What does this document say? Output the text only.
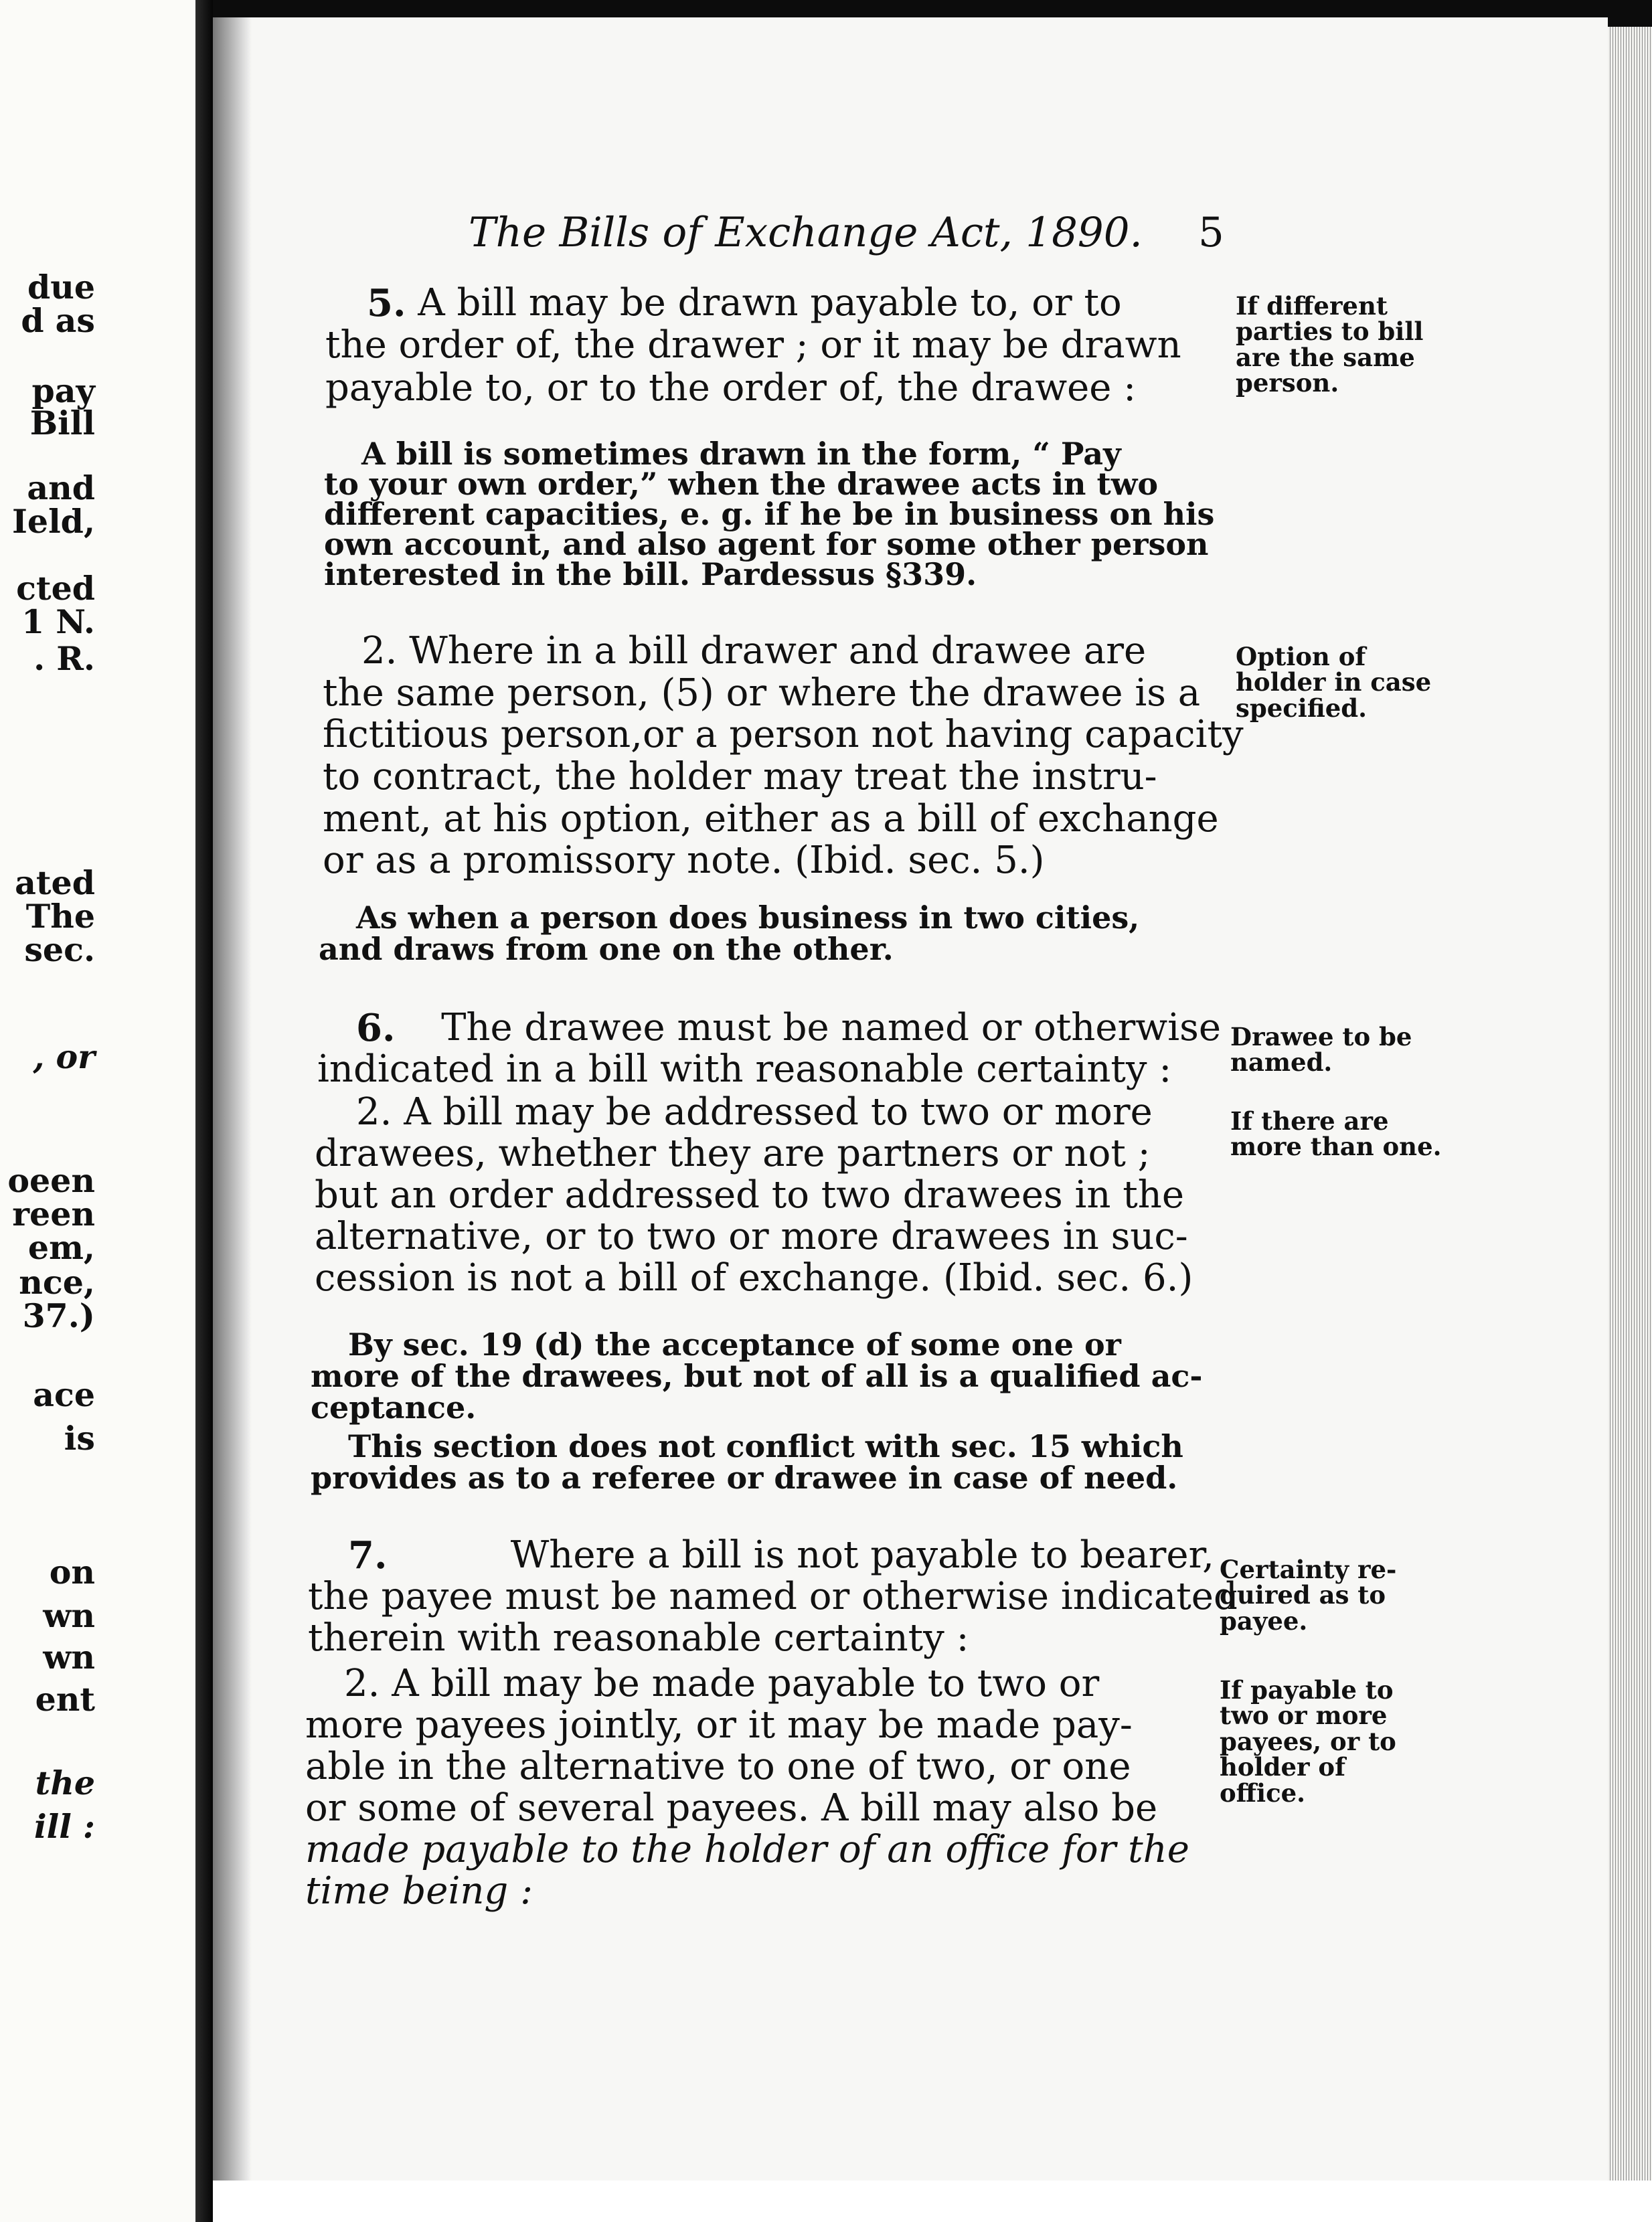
due
d as
pay
Bill
and
Ield,
cted
1 N.
. R.
ated
The
sec.
, or
oeen
reen
em,
nce,
37.)
ace
is
on
wn
wn
ent
the
ill :
The Bills of Exchange Act, 1890. 5
5.
A bill may be drawn payable to, or to
the order of, the drawer ; or it may be drawn
payable to, or to the order of, the drawee :
If different
parties to bill
are the same
person.
A bill is sometimes drawn in the form, “ Pay
to your own order,” when the drawee acts in two
different capacities, e. g. if he be in business on his
own account, and also agent for some other person
interested in the bill. Pardessus §339.
2. Where in a bill drawer and drawee are
the same person, (5) or where the drawee is a
fictitious person,or a person not having capacity
to contract, the holder may treat the instru-
ment, at his option, either as a bill of exchange
or as a promissory note. (Ibid. sec. 5.)
Option of
holder in case
specified.
As when a person does business in two cities,
and draws from one on the other.
6.
The drawee must be named or otherwise
indicated in a bill with reasonable certainty :
Drawee to be
named.
2. A bill may be addressed to two or more
drawees, whether they are partners or not ;
but an order addressed to two drawees in the
alternative, or to two or more drawees in suc-
cession is not a bill of exchange. (Ibid. sec. 6.)
If there are
more than one.
By sec. 19 (d) the acceptance of some one or
more of the drawees, but not of all is a qualified ac-
ceptance.
This section does not conflict with sec. 15 which
provides as to a referee or drawee in case of need.
7.
	Where a bill is not payable to bearer,
the payee must be named or otherwise indicated
therein with reasonable certainty :
Certainty re-
quired as to
payee.
2. A bill may be made payable to two or
more payees jointly, or it may be made pay-
able in the alternative to one of two, or one
or some of several payees. A bill may also be
made payable to the holder of an office for the
time being :
If payable to
two or more
payees, or to
holder of
office.
